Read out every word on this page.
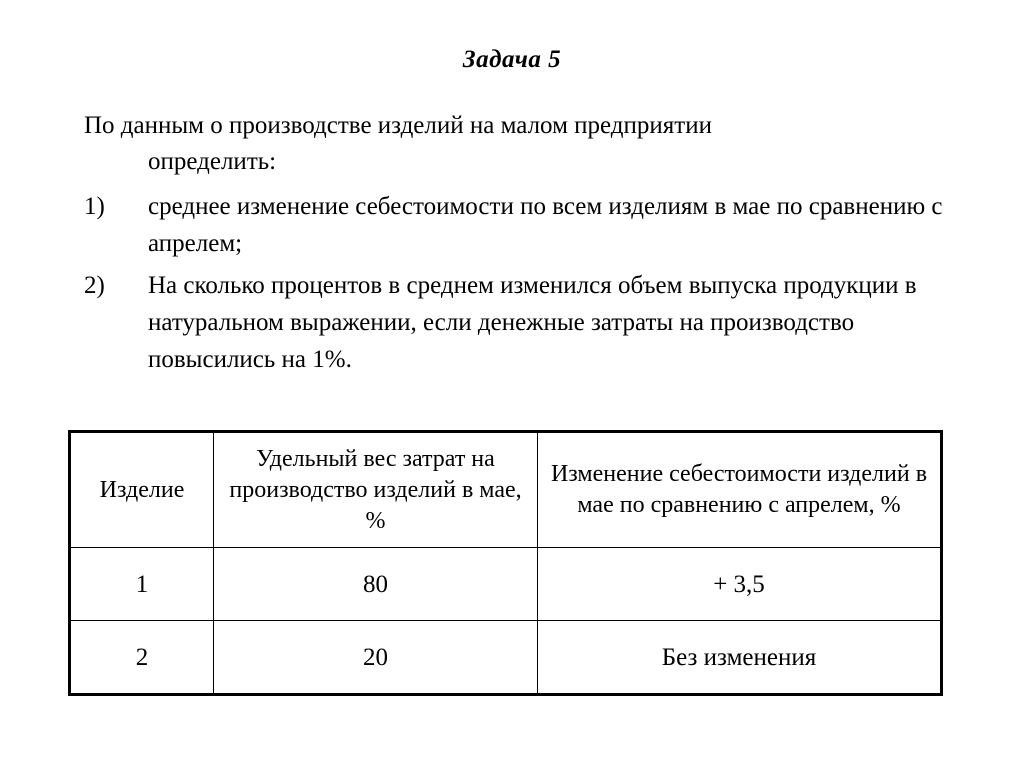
Задача 5

По данным о производстве изделий на малом предприятии
определить:

1)	среднее изменение себестоимости по всем изделиям в мае по сравнению с апрелем;
2)	На сколько процентов в среднем изменился объем выпуска продукции в натуральном выражении, если денежные затраты на производство повысились на 1%.
Изделие	Удельный вес затрат на производство изделий в мае, %	Изменение себестоимости изделий в мае по сравнению с апрелем, %
1	80	+ 3,5
2	20	Без изменения
